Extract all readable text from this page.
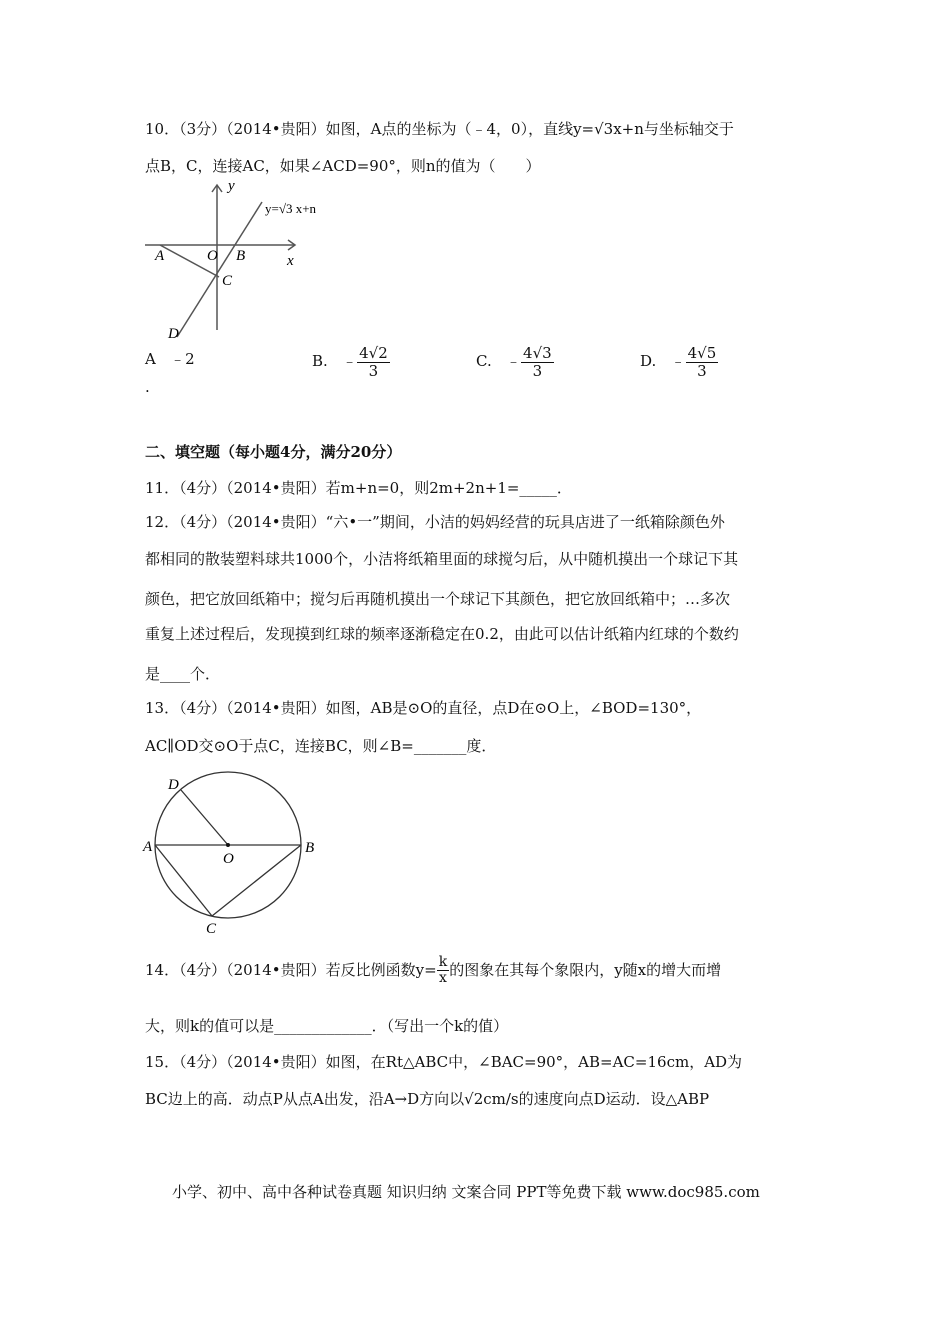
10．（3分）（2014•贵阳）如图，A点的坐标为（﹣4，0），直线y=√3x+n与坐标轴交于
点B，C，连接AC，如果∠ACD=90°，则n的值为（　　）
y
y=√3 x+n
A	O B	x
C
D
A ﹣2
.
B. ﹣ $\frac{4√2}{3}$	C. ﹣ $\frac{4√3}{3}$	D. ﹣ $\frac{4√5}{3}$
二、填空题（每小题4分，满分20分）
11．（4分）（2014•贵阳）若m+n=0，则2m+2n+1=_____．
12．（4分）（2014•贵阳）“六•一”期间，小洁的妈妈经营的玩具店进了一纸箱除颜色外
都相同的散装塑料球共1000个，小洁将纸箱里面的球搅匀后，从中随机摸出一个球记下其
颜色，把它放回纸箱中；搅匀后再随机摸出一个球记下其颜色，把它放回纸箱中；…多次
重复上述过程后，发现摸到红球的频率逐渐稳定在0.2，由此可以估计纸箱内红球的个数约
是____个．
13．（4分）（2014•贵阳）如图，AB是⊙O的直径，点D在⊙O上，∠BOD=130°，
AC∥OD交⊙O于点C，连接BC，则∠B=_______度．
D
A
O
B
C
14．（4分）（2014•贵阳）若反比例函数$y= \frac{k}{x}$ 的图象在其每个象限内，y随x的增大而增
大，则k的值可以是_____________．（写出一个k的值）
15．（4分）（2014•贵阳）如图，在Rt△ABC中，∠BAC=90°，AB=AC=16cm，AD为
BC边上的高．动点P从点A出发，沿A→D方向以√2cm/s的速度向点D运动．设△ABP
小学、初中、高中各种试卷真题 知识归纳 文案合同 PPT等免费下载 www.doc985.com
